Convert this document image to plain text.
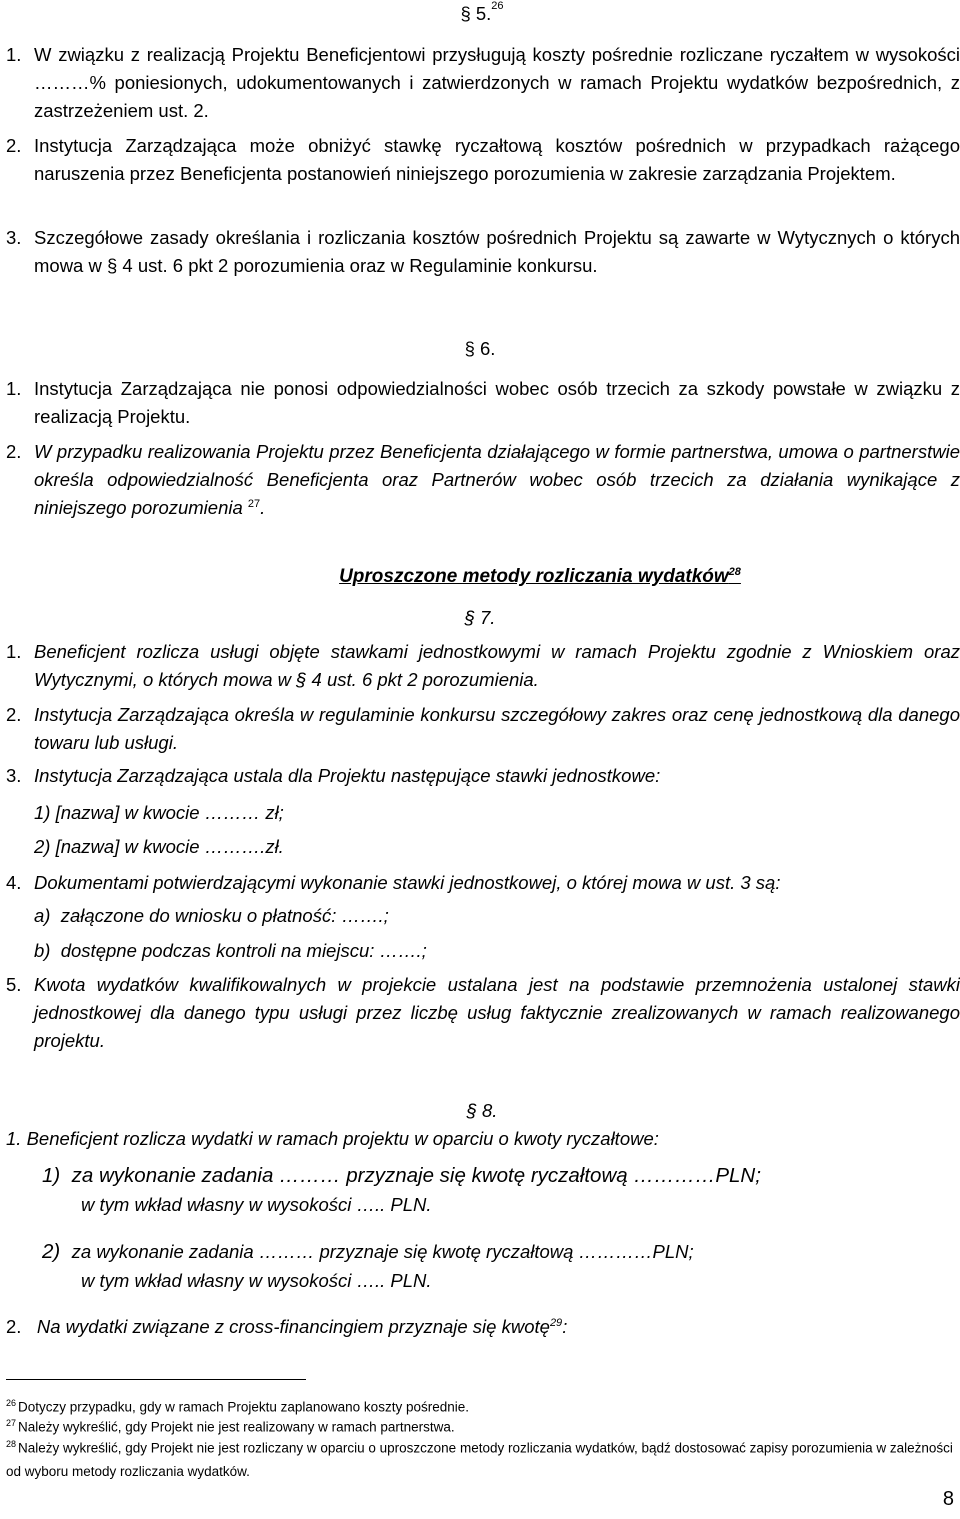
§ 5.26
1. W związku z realizacją Projektu Beneficjentowi przysługują koszty pośrednie rozliczane ryczałtem w wysokości ………% poniesionych, udokumentowanych i zatwierdzonych w ramach Projektu wydatków bezpośrednich, z zastrzeżeniem ust. 2.
2. Instytucja Zarządzająca może obniżyć stawkę ryczałtową kosztów pośrednich w przypadkach rażącego naruszenia przez Beneficjenta postanowień niniejszego porozumienia w zakresie zarządzania Projektem.
3. Szczegółowe zasady określania i rozliczania kosztów pośrednich Projektu są zawarte w Wytycznych o których mowa w § 4 ust. 6 pkt 2 porozumienia oraz w Regulaminie konkursu.
§ 6.
1. Instytucja Zarządzająca nie ponosi odpowiedzialności wobec osób trzecich za szkody powstałe w związku z realizacją Projektu.
2. W przypadku realizowania Projektu przez Beneficjenta działającego w formie partnerstwa, umowa o partnerstwie określa odpowiedzialność Beneficjenta oraz Partnerów wobec osób trzecich za działania wynikające z niniejszego porozumienia $^{27}$.
Uproszczone metody rozliczania wydatków$^{28}$
§ 7.
1. Beneficjent rozlicza usługi objęte stawkami jednostkowymi w ramach Projektu zgodnie z Wnioskiem oraz Wytycznymi, o których mowa w § 4 ust. 6 pkt 2 porozumienia.
2. Instytucja Zarządzająca określa w regulaminie konkursu szczegółowy zakres oraz cenę jednostkową dla danego towaru lub usługi.
3. Instytucja Zarządzająca ustala dla Projektu następujące stawki jednostkowe:
1) [nazwa] w kwocie ……… zł;
2) [nazwa] w kwocie ……….zł.
4. Dokumentami potwierdzającymi wykonanie stawki jednostkowej, o której mowa w ust. 3 są:
a)  załączone do wniosku o płatność: …….;
b)  dostępne podczas kontroli na miejscu: …….;
5. Kwota wydatków kwalifikowalnych w projekcie ustalana jest na podstawie przemnożenia ustalonej stawki jednostkowej dla danego typu usługi przez liczbę usług faktycznie zrealizowanych w ramach realizowanego projektu.
§ 8.
1. Beneficjent rozlicza wydatki w ramach projektu w oparciu o kwoty ryczałtowe:
1) za wykonanie zadania ……… przyznaje się kwotę ryczałtową …………PLN;
w tym wkład własny w wysokości ….. PLN.
2) za wykonanie zadania ……… przyznaje się kwotę ryczałtową …………PLN;
w tym wkład własny w wysokości ….. PLN.
2. Na wydatki związane z cross-financingiem przyznaje się kwotę$^{29}$:
$^{26}$ Dotyczy przypadku, gdy w ramach Projektu zaplanowano koszty pośrednie.
$^{27}$ Należy wykreślić, gdy Projekt nie jest realizowany w ramach partnerstwa.
$^{28}$ Należy wykreślić, gdy Projekt nie jest rozliczany w oparciu o uproszczone metody rozliczania wydatków, bądź dostosować zapisy porozumienia w zależności od wyboru metody rozliczania wydatków.
8
